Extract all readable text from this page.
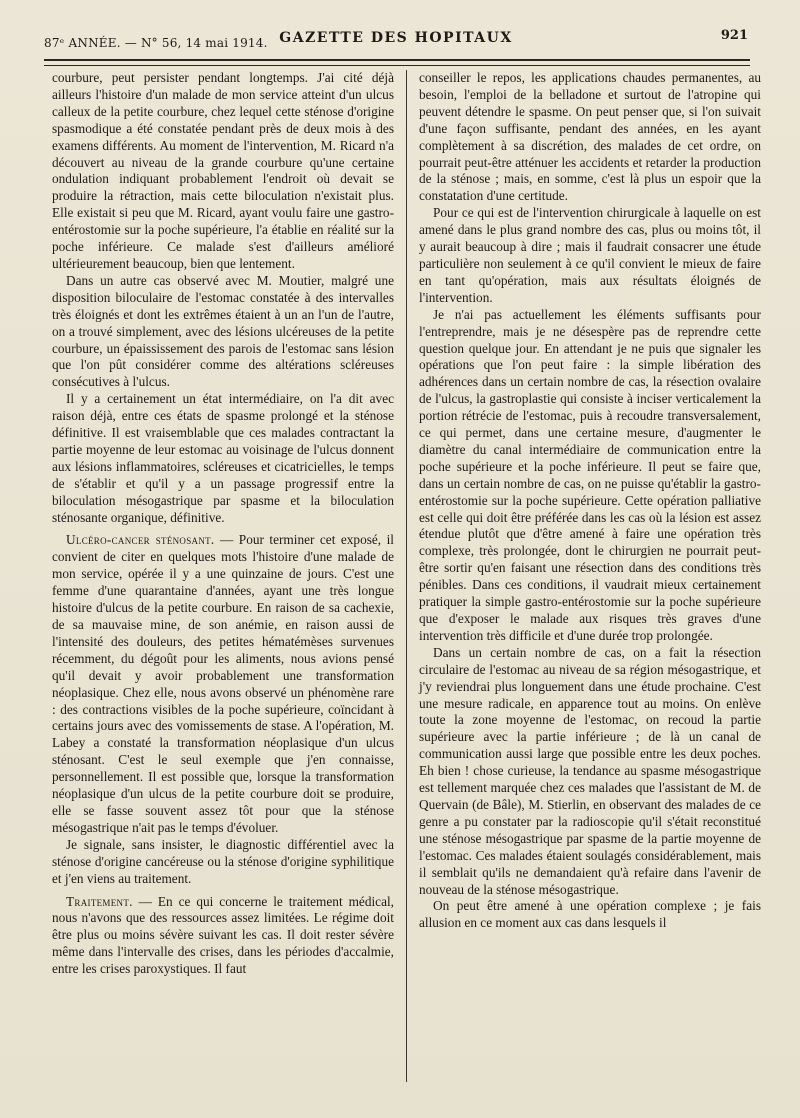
87ᵉ ANNÉE. — N° 56, 14 mai 1914. GAZETTE DES HOPITAUX	921

courbure, peut persister pendant longtemps. J'ai cité déjà ailleurs l'histoire d'un malade de mon service atteint d'un ulcus calleux de la petite courbure, chez lequel cette sténose d'origine spasmodique a été constatée pendant près de deux mois à des examens différents. Au moment de l'intervention, M. Ricard n'a découvert au niveau de la grande courbure qu'une certaine ondulation indiquant probablement l'endroit où devait se produire la rétraction, mais cette biloculation n'existait plus. Elle existait si peu que M. Ricard, ayant voulu faire une gastro-entérostomie sur la poche supérieure, l'a établie en réalité sur la poche inférieure. Ce malade s'est d'ailleurs amélioré ultérieurement beaucoup, bien que lentement.

Dans un autre cas observé avec M. Moutier, malgré une disposition biloculaire de l'estomac constatée à des intervalles très éloignés et dont les extrêmes étaient à un an l'un de l'autre, on a trouvé simplement, avec des lésions ulcéreuses de la petite courbure, un épaississement des parois de l'estomac sans lésion que l'on pût considérer comme des altérations scléreuses consécutives à l'ulcus.

Il y a certainement un état intermédiaire, on l'a dit avec raison déjà, entre ces états de spasme prolongé et la sténose définitive. Il est vraisemblable que ces malades contractant la partie moyenne de leur estomac au voisinage de l'ulcus donnent aux lésions inflammatoires, scléreuses et cicatricielles, le temps de s'établir et qu'il y a un passage progressif entre la biloculation mésogastrique par spasme et la biloculation sténosante organique, définitive.

Ulcéro-cancer sténosant. — Pour terminer cet exposé, il convient de citer en quelques mots l'histoire d'une malade de mon service, opérée il y a une quinzaine de jours. C'est une femme d'une quarantaine d'années, ayant une très longue histoire d'ulcus de la petite courbure. En raison de sa cachexie, de sa mauvaise mine, de son anémie, en raison aussi de l'intensité des douleurs, des petites hématémèses survenues récemment, du dégoût pour les aliments, nous avions pensé qu'il devait y avoir probablement une transformation néoplasique. Chez elle, nous avons observé un phénomène rare : des contractions visibles de la poche supérieure, coïncidant à certains jours avec des vomissements de stase. A l'opération, M. Labey a constaté la transformation néoplasique d'un ulcus sténosant. C'est le seul exemple que j'en connaisse, personnellement. Il est possible que, lorsque la transformation néoplasique d'un ulcus de la petite courbure doit se produire, elle se fasse souvent assez tôt pour que la sténose mésogastrique n'ait pas le temps d'évoluer.

Je signale, sans insister, le diagnostic différentiel avec la sténose d'origine cancéreuse ou la sténose d'origine syphilitique et j'en viens au traitement.

Traitement. — En ce qui concerne le traitement médical, nous n'avons que des ressources assez limitées. Le régime doit être plus ou moins sévère suivant les cas. Il doit rester sévère même dans l'intervalle des crises, dans les périodes d'accalmie, entre les crises paroxystiques. Il faut

conseiller le repos, les applications chaudes permanentes, au besoin, l'emploi de la belladone et surtout de l'atropine qui peuvent détendre le spasme. On peut penser que, si l'on suivait d'une façon suffisante, pendant des années, en les ayant complètement à sa discrétion, des malades de cet ordre, on pourrait peut-être atténuer les accidents et retarder la production de la sténose ; mais, en somme, c'est là plus un espoir que la constatation d'une certitude.

Pour ce qui est de l'intervention chirurgicale à laquelle on est amené dans le plus grand nombre des cas, plus ou moins tôt, il y aurait beaucoup à dire ; mais il faudrait consacrer une étude particulière non seulement à ce qu'il convient le mieux de faire en tant qu'opération, mais aux résultats éloignés de l'intervention.

Je n'ai pas actuellement les éléments suffisants pour l'entreprendre, mais je ne désespère pas de reprendre cette question quelque jour. En attendant je ne puis que signaler les opérations que l'on peut faire : la simple libération des adhérences dans un certain nombre de cas, la résection ovalaire de l'ulcus, la gastroplastie qui consiste à inciser verticalement la portion rétrécie de l'estomac, puis à recoudre transversalement, ce qui permet, dans une certaine mesure, d'augmenter le diamètre du canal intermédiaire de communication entre la poche supérieure et la poche inférieure. Il peut se faire que, dans un certain nombre de cas, on ne puisse qu'établir la gastro-entérostomie sur la poche supérieure. Cette opération palliative est celle qui doit être préférée dans les cas où la lésion est assez étendue plutôt que d'être amené à faire une opération très complexe, très prolongée, dont le chirurgien ne pourrait peut-être sortir qu'en faisant une résection dans des conditions très pénibles. Dans ces conditions, il vaudrait mieux certainement pratiquer la simple gastro-entérostomie sur la poche supérieure que d'exposer le malade aux risques très graves d'une intervention très difficile et d'une durée trop prolongée.

Dans un certain nombre de cas, on a fait la résection circulaire de l'estomac au niveau de sa région mésogastrique, et j'y reviendrai plus longuement dans une étude prochaine. C'est une mesure radicale, en apparence tout au moins. On enlève toute la zone moyenne de l'estomac, on recoud la partie supérieure avec la partie inférieure ; de là un canal de communication aussi large que possible entre les deux poches. Eh bien ! chose curieuse, la tendance au spasme mésogastrique est tellement marquée chez ces malades que l'assistant de M. de Quervain (de Bâle), M. Stierlin, en observant des malades de ce genre a pu constater par la radioscopie qu'il s'était reconstitué une sténose mésogastrique par spasme de la partie moyenne de l'estomac. Ces malades étaient soulagés considérablement, mais il semblait qu'ils ne demandaient qu'à refaire dans l'avenir de nouveau de la sténose mésogastrique.

On peut être amené à une opération complexe ; je fais allusion en ce moment aux cas dans lesquels il
